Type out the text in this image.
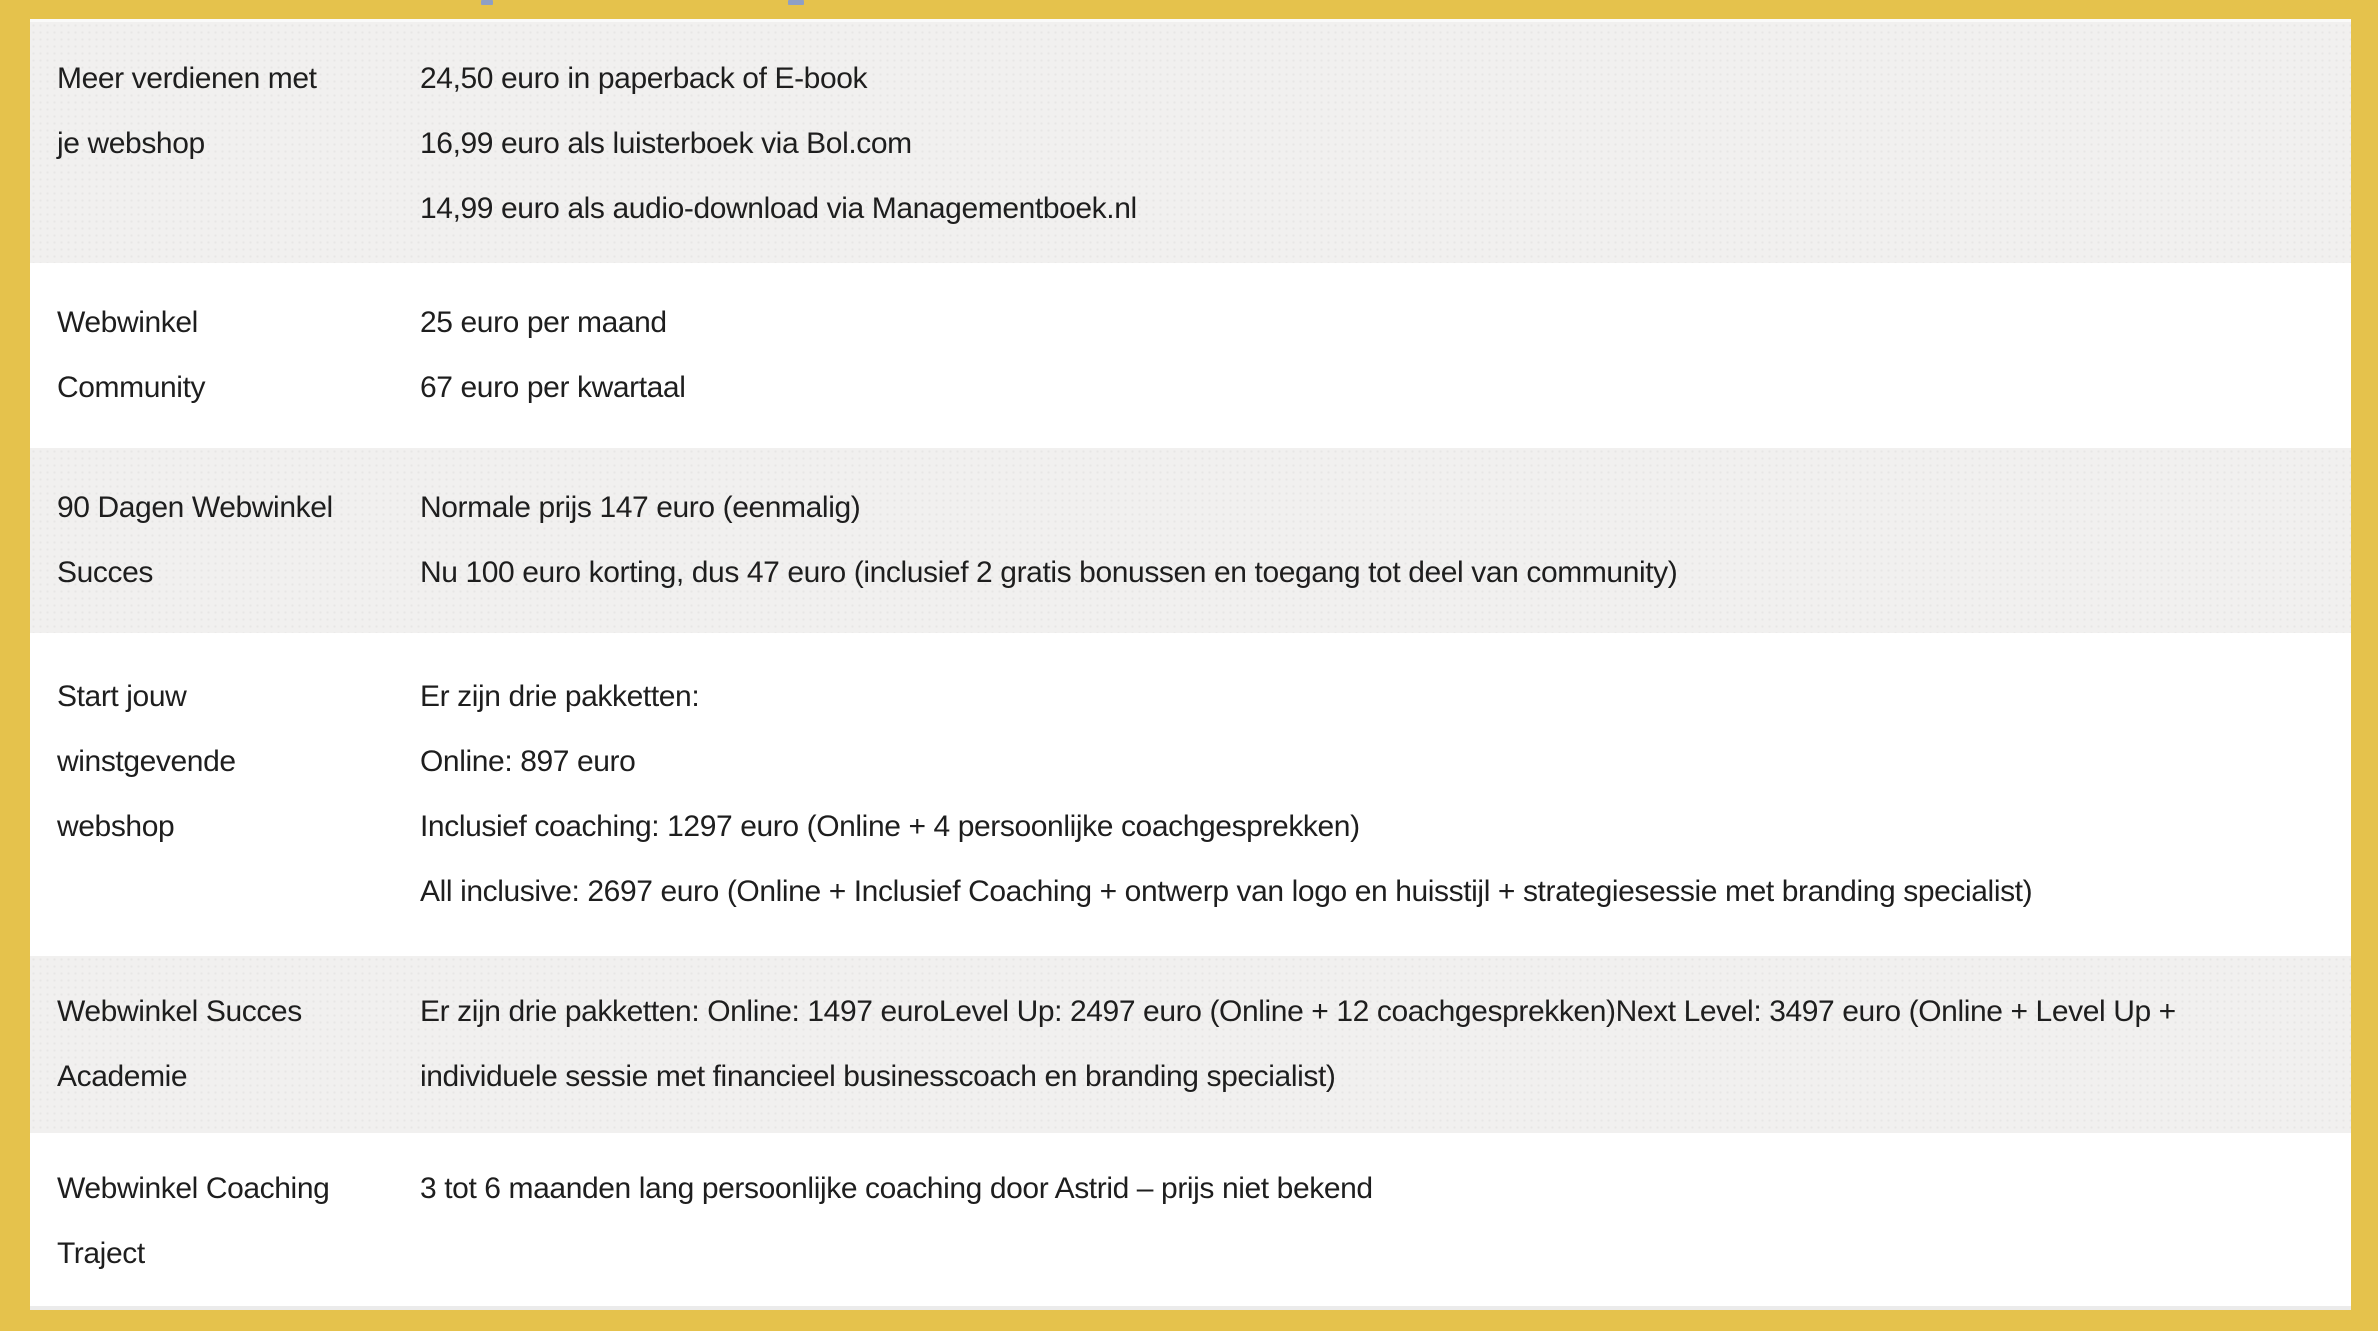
Meer verdienen met
je webshop
24,50 euro in paperback of E-book
16,99 euro als luisterboek via Bol.com
14,99 euro als audio-download via Managementboek.nl
Webwinkel
Community
25 euro per maand
67 euro per kwartaal
90 Dagen Webwinkel
Succes
Normale prijs 147 euro (eenmalig)
Nu 100 euro korting, dus 47 euro (inclusief 2 gratis bonussen en toegang tot deel van community)
Start jouw
winstgevende
webshop
Er zijn drie pakketten:
Online: 897 euro
Inclusief coaching: 1297 euro (Online + 4 persoonlijke coachgesprekken)
All inclusive: 2697 euro (Online + Inclusief Coaching + ontwerp van logo en huisstijl + strategiesessie met branding specialist)
Webwinkel Succes
Academie
Er zijn drie pakketten: Online: 1497 euroLevel Up: 2497 euro (Online + 12 coachgesprekken)Next Level: 3497 euro (Online + Level Up + individuele sessie met financieel businesscoach en branding specialist)
Webwinkel Coaching
Traject
3 tot 6 maanden lang persoonlijke coaching door Astrid – prijs niet bekend
